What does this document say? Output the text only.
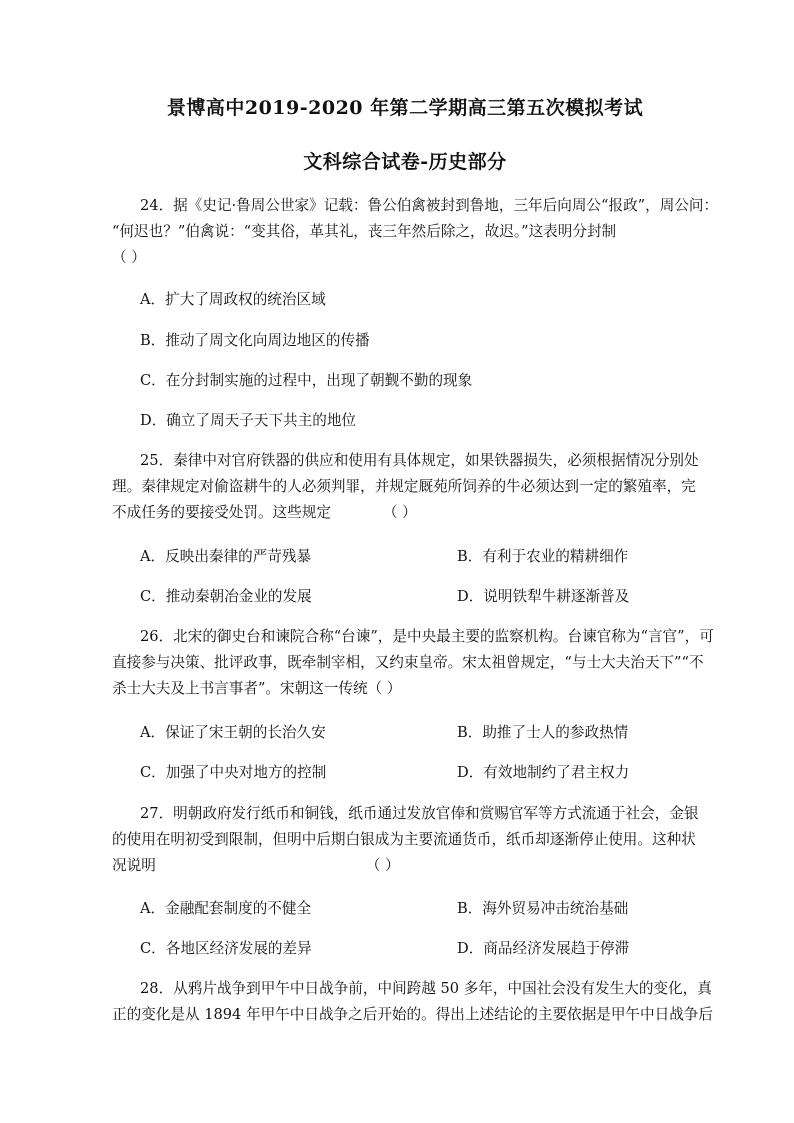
景博高中2019-2020 年第二学期高三第五次模拟考试
文科综合试卷-历史部分
24．据《史记·鲁周公世家》记载：鲁公伯禽被封到鲁地，三年后向周公“报政”，周公问：
“何迟也？”伯禽说：“变其俗，革其礼，丧三年然后除之，故迟。”这表明分封制
（ ）
A．扩大了周政权的统治区域
B．推动了周文化向周边地区的传播
C．在分封制实施的过程中，出现了朝觐不勤的现象
D．确立了周天子天下共主的地位
25．秦律中对官府铁器的供应和使用有具体规定，如果铁器损失，必须根据情况分别处
理。秦律规定对偷盗耕牛的人必须判罪，并规定厩苑所饲养的牛必须达到一定的繁殖率，完
不成任务的要接受处罚。这些规定	（ ）
A．反映出秦律的严苛残暴	B．有利于农业的精耕细作
C．推动秦朝冶金业的发展	D．说明铁犁牛耕逐渐普及
26．北宋的御史台和谏院合称“台谏”，是中央最主要的监察机构。台谏官称为“言官”，可
直接参与决策、批评政事，既牵制宰相，又约束皇帝。宋太祖曾规定，“与士大夫治天下”“不
杀士大夫及上书言事者”。宋朝这一传统（ ）
A．保证了宋王朝的长治久安	B．助推了士人的参政热情
C．加强了中央对地方的控制	D．有效地制约了君主权力
27．明朝政府发行纸币和铜钱，纸币通过发放官俸和赏赐官军等方式流通于社会，金银
的使用在明初受到限制，但明中后期白银成为主要流通货币，纸币却逐渐停止使用。这种状
况说明	（ ）
A．金融配套制度的不健全	B．海外贸易冲击统治基础
C．各地区经济发展的差异	D．商品经济发展趋于停滞
28．从鸦片战争到甲午中日战争前，中间跨越 50 多年，中国社会没有发生大的变化，真
正的变化是从 1894 年甲午中日战争之后开始的。得出上述结论的主要依据是甲午中日战争后
